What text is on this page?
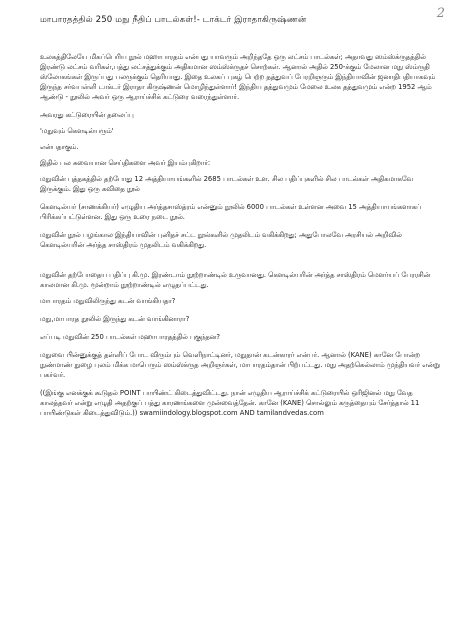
2
மாபாரதத்தில் 250 மநு நீதிப் பாடல்கள்!- டாக்டர் இராதாகிருஷ்ணன்

உலகத்திலேயே மிகப்பெரிய நூல் மஹாபாரதம் என்பது யாவரும் அறிந்ததே ஒரு லட்சம் பாடல்கள்; அதாவது ஸம்ஸ்க்ருதத்தில் இரண்டு லட்சம் வரிகள்,பத்து லட்சத்துக்கும் அதிகமான ஸம்ஸ்க்ருதச் சொற்கள். ஆனால் அதில் 250-க்கும் மேலான மநு ஸ்ம்ருதி ஸ்லோகங்கள் இருப்பது பலருக்கும் தெரியாது. இதை உலகப் புகழ் பெற்ற தத்துவப் பேரறிஞரும் இந்தியாவின் ஜனாதிபதியாகவும் இருந்த சர்வபள்ளி டாக்டர் இராதா கிருஷ்ணன் மொழிந்துள்ளார்! இந்திய தத்துவமும் மேலை உலக தத்துவமும் என்ற 1952 ஆம் ஆண்டு - நூலில் அவர் ஒரு ஆராய்ச்சிக் கட்டுரை வரைந்துள்ளார்.

அவரது கட்டுரையின் தலைப்பு

'மநுவும் கௌடில்யரும்'

என்பதாகும்.

இதில் பல சுவையான செய்திகளை அவர் இயம்புகிறார்:

மநுவின் புத்தகத்தில் தற்போது 12 அத்தியாயங்களில் 2685 பாடல்கள் உள. சில பதிப்புகளில் சில பாடல்கள் அதிகமாகவே இருக்கும். இது ஒரு கவிதை நூல்

கௌடில்யர் (சாணக்கியர்) எழுதிய அர்த்தசாஸ்த்ரம் என்னும் நூலில் 6000 பாடல்கள் உள்ளன அவை 15 அத்தியாயங்களாகப் பிரிக்கப்பட்டுள்ளன. இது ஒரு உரை நடை நூல்.

மநுவின் நூல் பழங்கால இந்தியாவின் புனிதச் சட்ட நூல்களில் முதலிடம் வகிக்கிறது; அதுபோலவே அரசியல் அறிவில் கௌடில்யரின் அர்த்த சாஸ்திரம் முதலிடம் வகிக்கிறது.

மநுவின் தற்போதைய பதிப்பு கி.மு. இரண்டாம் நூற்றாண்டில் உருவானது. கௌடில்யரின் அர்த்த சாஸ்திரம் மௌர்யப் பேரரசின் காலமான கி.மு. மூன்றாம் நூற்றாண்டில் எழுதப்பட்டது.

மாபாரதம் மநுவிலிருந்து கடன் வாங்கியதா?

மநு,மாபாரத நூலில் இருந்து கடன் வாங்கினாரா?

எப்படி மநுவின் 250 பாடல்கள் மஹாபாரதத்தில் புகுந்தன?

மநுவை பின்னுக்குத் தள்ளிப் போட விரும்பும் வெளிநாட்டினர், மநுதான் கடன்காரர் என்பர். ஆனால் (KANE) கானே போன்ற நுண்மாண் நுழை புலம் மிக்க மாபெரும் ஸம்ஸ்க்ருத அறிஞர்கள், மாபாரதம்தான் பிற்பட்டது. மநு அதற்கெல்லாம் முந்தியவர் என்று பகர்வர்.

((இங்கு எனக்குக் கூடுதல் POINT பாயிண்ட் கிடைத்துவிட்டது. நான் எழுதிய ஆராய்ச்சிக் கட்டுரையில் ஒரிஜினல் மநு வேத காலத்தவர் என்று எழுதி அதற்குப் பத்து காரணங்களை முன்வைத்தேன். கானே (KANE) சொல்லும் கருத்தையும் சேர்த்தால் 11 பாயிண்டுகள் கிடைத்துவிடும்.)) swamiindology.blogspot.com AND tamilandvedas.com
